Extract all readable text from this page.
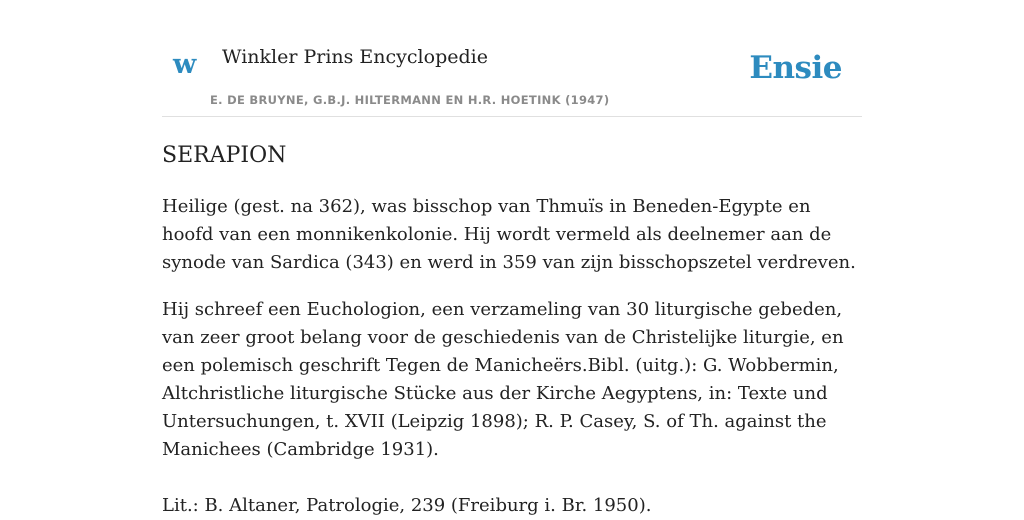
w Winkler Prins Encyclopedie	Ensie
E. DE BRUYNE, G.B.J. HILTERMANN EN H.R. HOETINK (1947)
SERAPION

Heilige (gest. na 362), was bisschop van Thmuïs in Beneden-Egypte en hoofd van een monnikenkolonie. Hij wordt vermeld als deelnemer aan de synode van Sardica (343) en werd in 359 van zijn bisschopszetel verdreven.

Hij schreef een Euchologion, een verzameling van 30 liturgische gebeden, van zeer groot belang voor de geschiedenis van de Christelijke liturgie, en een polemisch geschrift Tegen de Manicheërs.Bibl. (uitg.): G. Wobbermin, Altchristliche liturgische Stücke aus der Kirche Aegyptens, in: Texte und Untersuchungen, t. XVII (Leipzig 1898); R. P. Casey, S. of Th. against the Manichees (Cambridge 1931).

Lit.: B. Altaner, Patrologie, 239 (Freiburg i. Br. 1950).
